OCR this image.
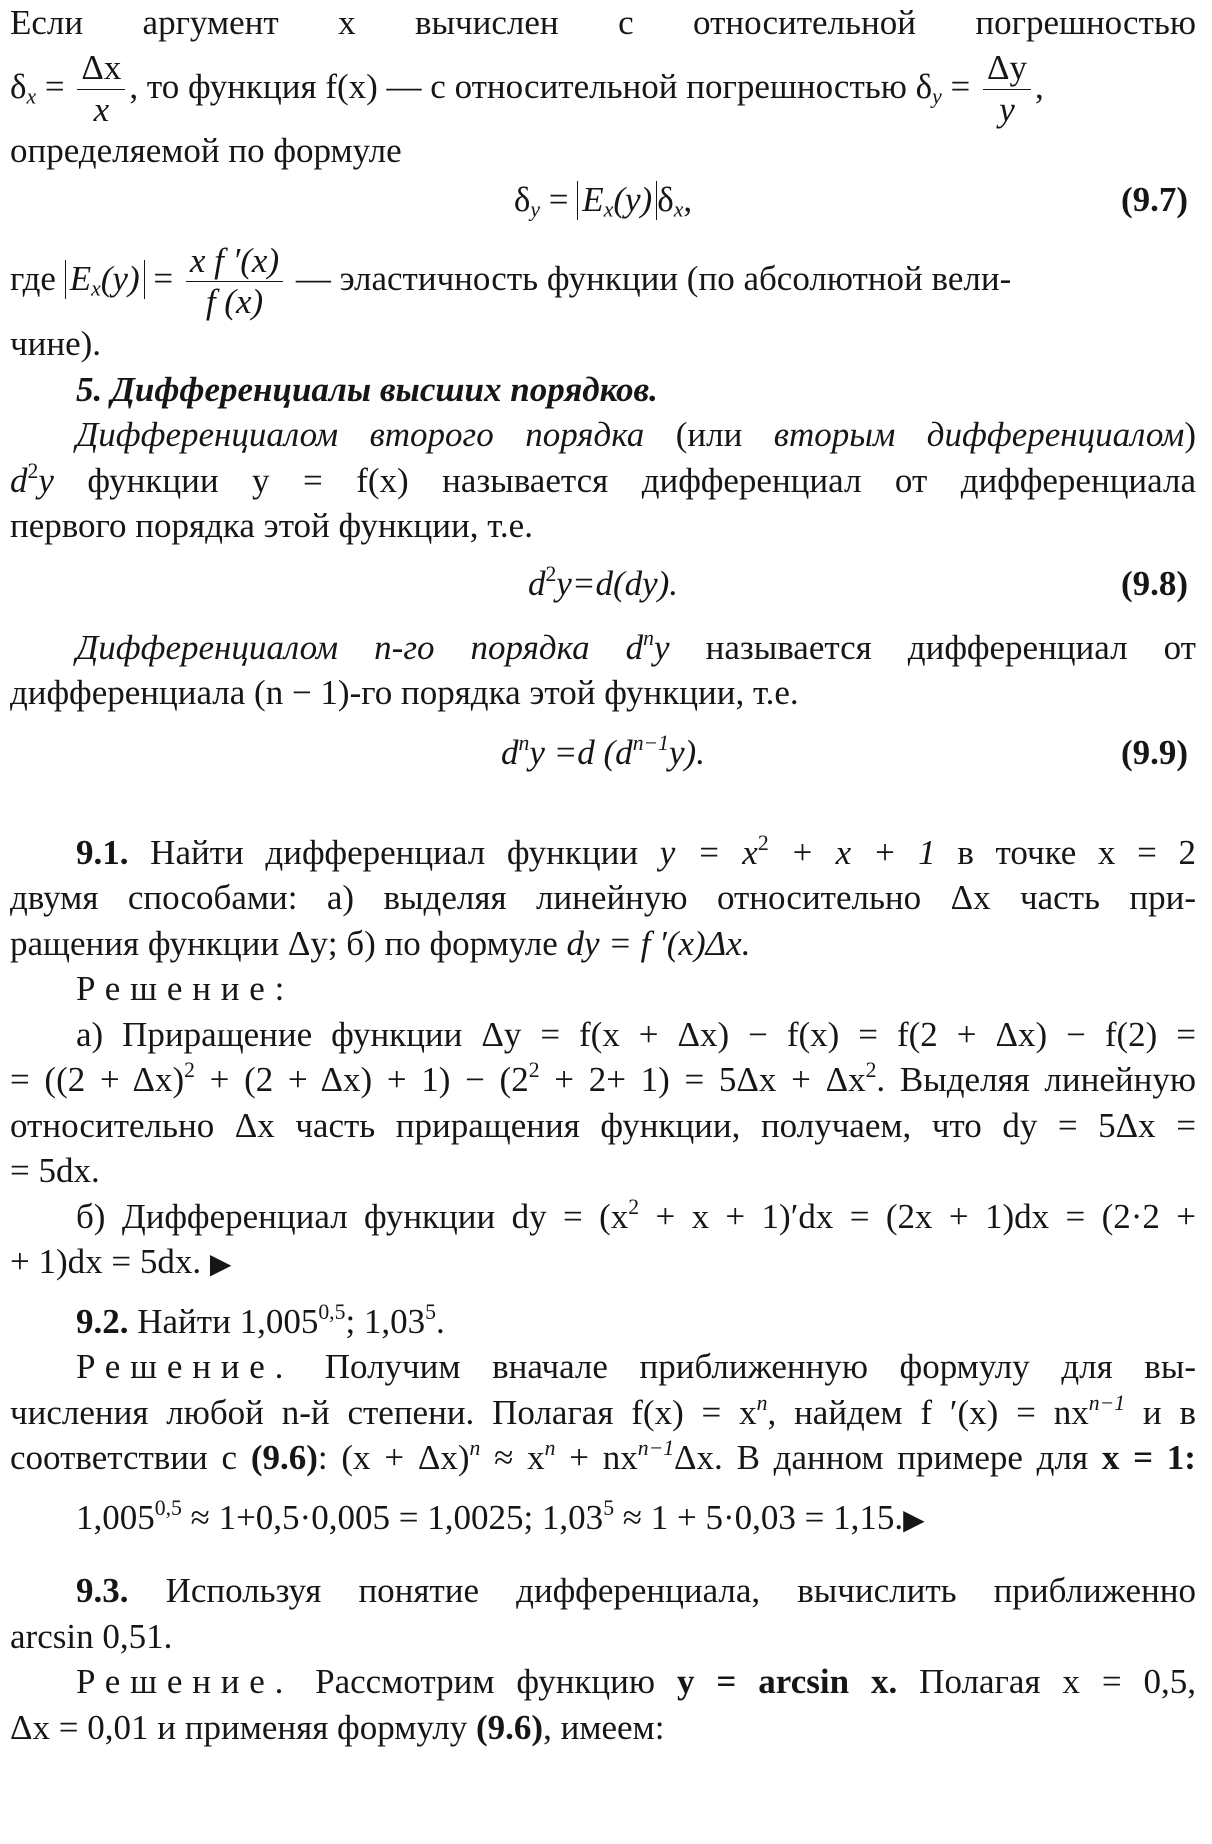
Если аргумент x вычислен с относительной погрешностью
$\delta_x = \frac{\Delta x}{x}$ , то функция f(x) — с относительной погрешностью $\delta_y = \frac{\Delta y}{y}$ ,
определяемой по формуле
$\delta_y = E_x(y)$ $\delta_x$,	(9.7)
где $E_x(y) = \frac{\text{x f ′(x)}}{f (x)}$ — эластичность функции (по абсолютной вели-
чине).
5. Дифференциалы высших порядков.
Дифференциалом второго порядка (или вторым дифференциалом)
$d^2y$ функции y = f(x) называется дифференциал от дифференциала
первого порядка этой функции, т.е.
$d^2y=d(dy)$.	(9.8)
Дифференциалом n-го порядка $d^ny$ называется дифференциал от
дифференциала (n − 1)-го порядка этой функции, т.е.
$d^ny =d$ $(d^{n-1}y)$.	(9.9)
9.1. Найти дифференциал функции $y = x^2 + x + 1$ в точке x = 2
двумя способами: а) выделяя линейную относительно Δx часть при-
ращения функции Δy; б) по формуле dy = f ′(x)Δx.
Решение:
а) Приращение функции Δy = f(x + Δx) − f(x) = f(2 + Δx) − f(2) =
= $((2 + \Delta x)^2 + (2 + \Delta x) + 1) - (2^2 + 2+ 1) = 5\Delta x + \Delta x^2$. Выделяя линейную
относительно Δx часть приращения функции, получаем, что dy = 5Δx =
= 5dx.
б) Дифференциал функции dy = $(x^2 + x + 1)'dx = (2x + 1)dx = (2\cdot 2$ +
+ 1)dx = 5dx. ▶
9.2. Найти 1,005$^{0,5}$; 1,03$^5$.
Решение. Получим вначале приближенную формулу для вы-
числения любой n-й степени. Полагая $f(x) = x^n$, найдем f $'(x) = nx^{n-1}$ и в
соответствии с (9.6): $(x + \Delta x)^n \approx x^n + nx^{n-1}\Delta x$. В данном примере для x = 1:
$1,005^{0,5} \approx 1+0,5\cdot 0,005 = 1,0025$; $1,03^5 \approx 1 + 5\cdot 0,03$ = 1,15.▶
9.3. Используя понятие дифференциала, вычислить приближенно
arcsin 0,51.
Решение. Рассмотрим функцию y = arcsin x. Полагая x = 0,5,
Δx = 0,01 и применяя формулу (9.6), имеем:
